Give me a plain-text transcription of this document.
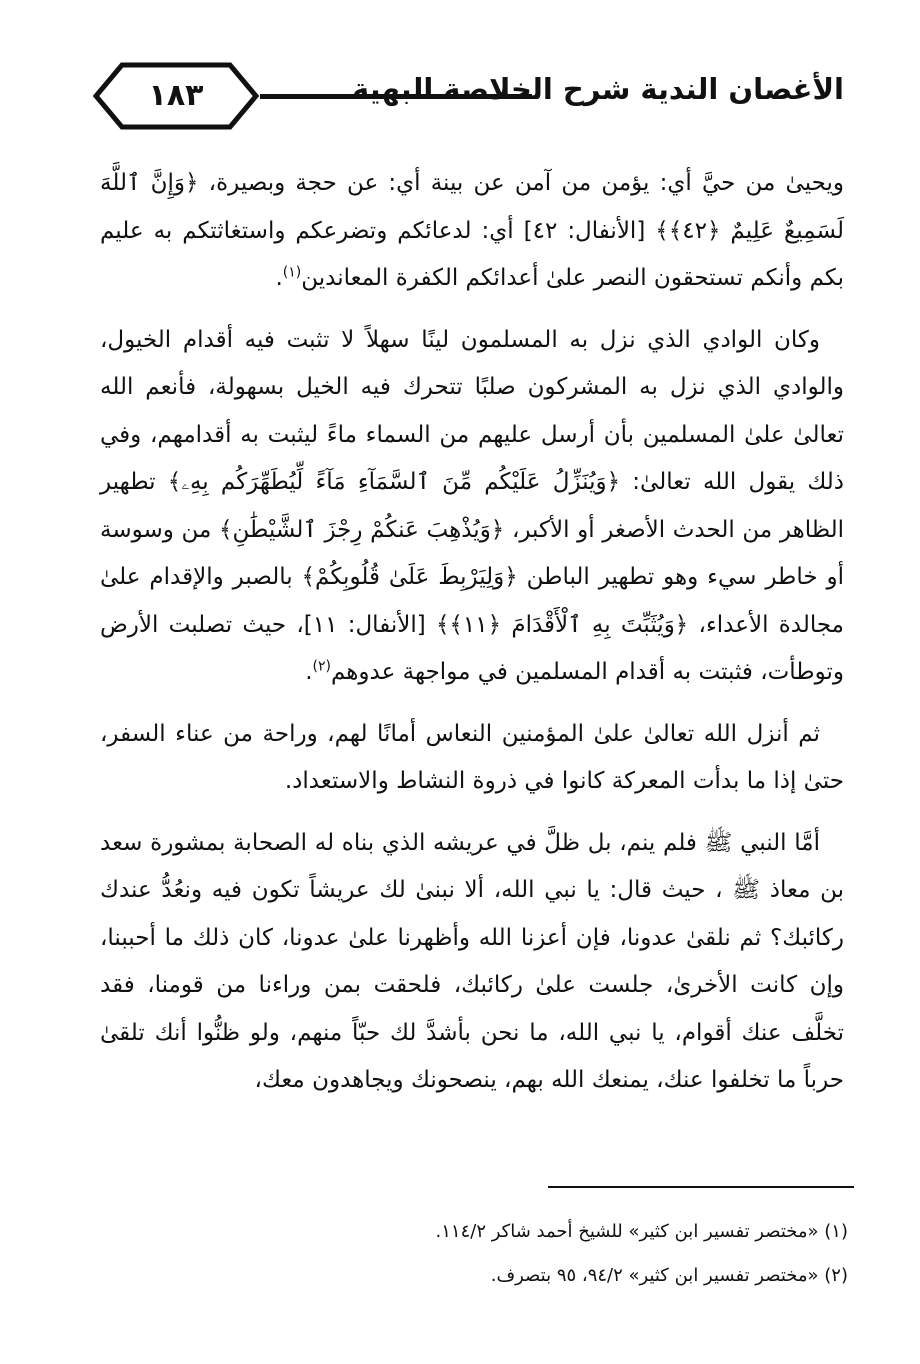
١٨٣	الأغصان الندية شرح الخلاصة البهية

ويحيىٰ من حيَّ أي: يؤمن من آمن عن بينة أي: عن حجة وبصيرة، ﴿وَإِنَّ ٱللَّهَ لَسَمِيعٌ عَلِيمٌ ﴿٤٢﴾﴾ [الأنفال: ٤٢] أي: لدعائكم وتضرعكم واستغاثتكم به عليم بكم وأنكم تستحقون النصر علىٰ أعدائكم الكفرة المعاندين$^{(١)}$.

وكان الوادي الذي نزل به المسلمون لينًا سهلاً لا تثبت فيه أقدام الخيول، والوادي الذي نزل به المشركون صلبًا تتحرك فيه الخيل بسهولة، فأنعم الله تعالىٰ علىٰ المسلمين بأن أرسل عليهم من السماء ماءً ليثبت به أقدامهم، وفي ذلك يقول الله تعالىٰ: ﴿وَيُنَزِّلُ عَلَيْكُم مِّنَ ٱلسَّمَآءِ مَآءً لِّيُطَهِّرَكُم بِهِۦ﴾ تطهير الظاهر من الحدث الأصغر أو الأكبر، ﴿وَيُذْهِبَ عَنكُمْ رِجْزَ ٱلشَّيْطَٰنِ﴾ من وسوسة أو خاطر سيء وهو تطهير الباطن ﴿وَلِيَرْبِطَ عَلَىٰ قُلُوبِكُمْ﴾ بالصبر والإقدام علىٰ مجالدة الأعداء، ﴿وَيُثَبِّتَ بِهِ ٱلْأَقْدَامَ ﴿١١﴾﴾ [الأنفال: ١١]، حيث تصلبت الأرض وتوطأت، فثبتت به أقدام المسلمين في مواجهة عدوهم$^{(٢)}$.

ثم أنزل الله تعالىٰ علىٰ المؤمنين النعاس أمانًا لهم، وراحة من عناء السفر، حتىٰ إذا ما بدأت المعركة كانوا في ذروة النشاط والاستعداد.

أمَّا النبي ﷺ فلم ينم، بل ظلَّ في عريشه الذي بناه له الصحابة بمشورة سعد بن معاذ ﷺ ، حيث قال: يا نبي الله، ألا نبنىٰ لك عريشاً تكون فيه ونعُدُّ عندك ركائبك؟ ثم نلقىٰ عدونا، فإن أعزنا الله وأظهرنا علىٰ عدونا، كان ذلك ما أحببنا، وإن كانت الأخرىٰ، جلست علىٰ ركائبك، فلحقت بمن وراءنا من قومنا، فقد تخلَّف عنك أقوام، يا نبي الله، ما نحن بأشدَّ لك حبّاً منهم، ولو ظنُّوا أنك تلقىٰ حرباً ما تخلفوا عنك، يمنعك الله بهم، ينصحونك ويجاهدون معك،

(١) «مختصر تفسير ابن كثير» للشيخ أحمد شاكر ١١٤/٢.
(٢) «مختصر تفسير ابن كثير» ٩٤/٢، ٩٥ بتصرف.
